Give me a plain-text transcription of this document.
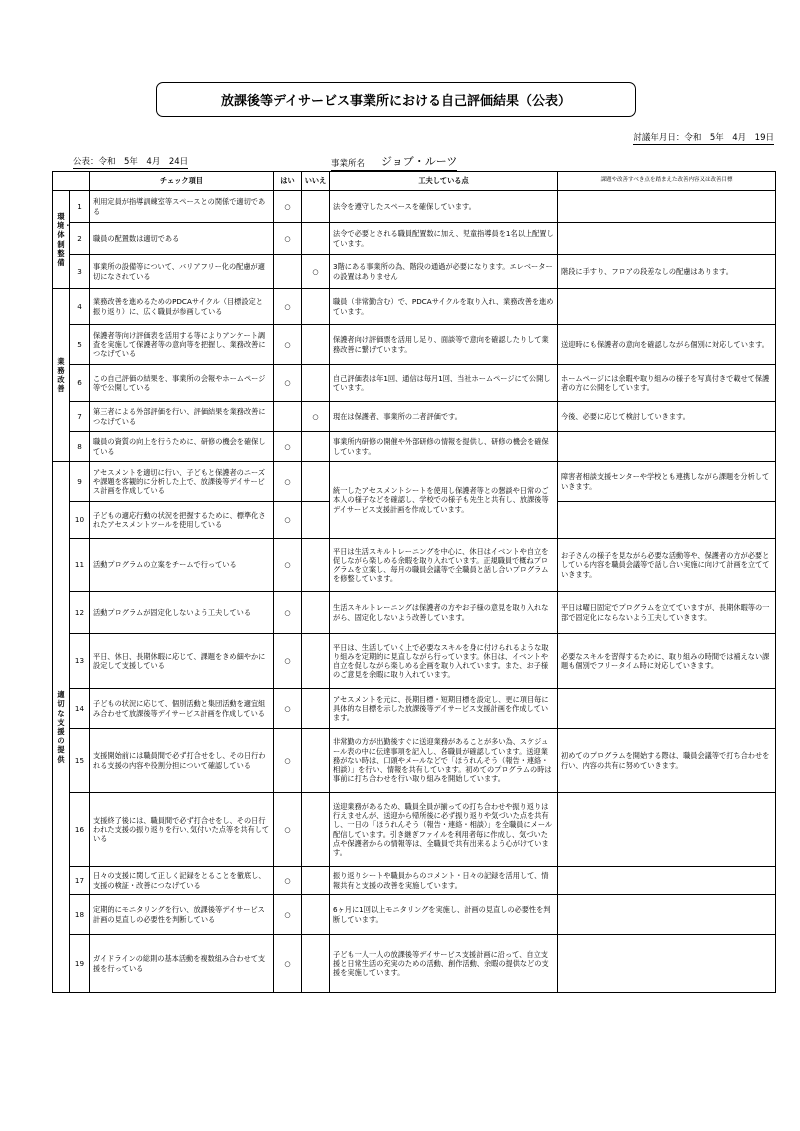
放課後等デイサービス事業所における自己評価結果（公表）
討議年月日：令和　5年　4月　19日
公表：令和　5年　4月　24日	事業所名 ジョブ・ルーツ
		チェック項目	はい	いいえ	工夫している点	課題や改善すべき点を踏まえた改善内容又は改善目標
環境・体制整備	1	利用定員が指導訓練室等スペースとの関係で適切である	○		法令を遵守したスペースを確保しています。	
	2	職員の配置数は適切である	○		法令で必要とされる職員配置数に加え、児童指導員を1名以上配置しています。	
	3	事業所の設備等について、バリアフリー化の配慮が適切になされている		○	3階にある事業所の為、階段の通過が必要になります。エレベーターの設置はありません	階段に手すり、フロアの段差なしの配慮はあります。
業務改善	4	業務改善を進めるためのPDCAサイクル（目標設定と振り返り）に、広く職員が参画している	○		職員（非常勤含む）で、PDCAサイクルを取り入れ、業務改善を進めています。	
	5	保護者等向け評価表を活用する等によりアンケート調査を実施して保護者等の意向等を把握し、業務改善につなげている	○		保護者向け評価票を活用し足り、面談等で意向を確認したりして業務改善に繋げています。	送迎時にも保護者の意向を確認しながら個別に対応しています。
	6	この自己評価の結果を、事業所の会報やホームページ等で公開している	○		自己評価表は年1回、通信は毎月1回、当社ホームページにて公開しています。	ホームページには余暇や取り組みの様子を写真付きで載せて保護者の方に公開をしています。
	7	第三者による外部評価を行い、評価結果を業務改善につなげている		○	現在は保護者、事業所の二者評価です。	今後、必要に応じて検討していきます。
	8	職員の資質の向上を行うために、研修の機会を確保している	○		事業所内研修の開催や外部研修の情報を提供し、研修の機会を確保しています。	
適切な支援の提供	9	アセスメントを適切に行い、子どもと保護者のニーズや課題を客観的に分析した上で、放課後等デイサービス計画を作成している	○		統一したアセスメントシートを使用し保護者等との懇談や日常のご本人の様子などを確認し、学校での様子も先生と共有し、放課後等デイサービス支援計画を作成しています。	障害者相談支援センターや学校とも連携しながら課題を分析していきます。
	10	子どもの適応行動の状況を把握するために、標準化されたアセスメントツールを使用している	○			
	11	活動プログラムの立案をチームで行っている	○		平日は生活スキルトレーニングを中心に、休日はイベントや自立を促しながら楽しめる余暇を取り入れています。正規職員で概ねプログラムを立案し、毎月の職員会議等で全職員と話し合いプログラムを修整しています。	お子さんの様子を見ながら必要な活動等や、保護者の方が必要としている内容を職員会議等で話し合い実施に向けて計画を立てていきます。
	12	活動プログラムが固定化しないよう工夫している	○		生活スキルトレーニングは保護者の方やお子様の意見を取り入れながら、固定化しないよう改善しています。	平日は曜日固定でプログラムを立てていますが、長期休暇等の一部で固定化にならないよう工夫していきます。
	13	平日、休日、長期休暇に応じて、課題をきめ細やかに設定して支援している	○		平日は、生活していく上で必要なスキルを身に付けられるような取り組みを定期的に見直しながら行っています。休日は、イベントや自立を促しながら楽しめる企画を取り入れています。また、お子様のご意見を余暇に取り入れています。	必要なスキルを習得するために、取り組みの時間では補えない課題も個別でフリータイム時に対応していきます。
	14	子どもの状況に応じて、個別活動と集団活動を適宜組み合わせて放課後等デイサービス計画を作成している	○		アセスメントを元に、長期目標・短期目標を設定し、更に項目毎に具体的な目標を示した放課後等デイサービス支援計画を作成しています。	
	15	支援開始前には職員間で必ず打合せをし、その日行われる支援の内容や役割分担について確認している	○		非常勤の方が出勤後すぐに送迎業務があることが多い為、スケジュール表の中に伝達事項を記入し、各職員が確認しています。送迎業務がない時は、口頭やメールなどで「ほうれんそう（報告・連絡・相談）」を行い、情報を共有しています。初めてのプログラムの時は事前に打ち合わせを行い取り組みを開始しています。	初めてのプログラムを開始する際は、職員会議等で打ち合わせを行い、内容の共有に努めていきます。
	16	支援終了後には、職員間で必ず打合せをし、その日行われた支援の振り返りを行い､気付いた点等を共有している	○		送迎業務があるため、職員全員が揃っての打ち合わせや振り返りは行えませんが、送迎から帰所後に必ず振り返りや気づいた点を共有し、一日の「ほうれんそう（報告・連絡・相談）」を全職員にメール配信しています。引き継ぎファイルを利用者毎に作成し、気づいた点や保護者からの情報等は、全職員で共有出来るよう心がけています。	
	17	日々の支援に関して正しく記録をとることを徹底し、支援の検証・改善につなげている	○		振り返りシートや職員からのコメント・日々の記録を活用して、情報共有と支援の改善を実施しています。	
	18	定期的にモニタリングを行い、放課後等デイサービス計画の見直しの必要性を判断している	○		6ヶ月に1回以上モニタリングを実施し、計画の見直しの必要性を判断しています。	
	19	ガイドラインの総則の基本活動を複数組み合わせて支援を行っている	○		子ども一人一人の放課後等デイサービス支援計画に沿って、自立支援と日常生活の充実のための活動、創作活動、余暇の提供などの支援を実施しています。	
